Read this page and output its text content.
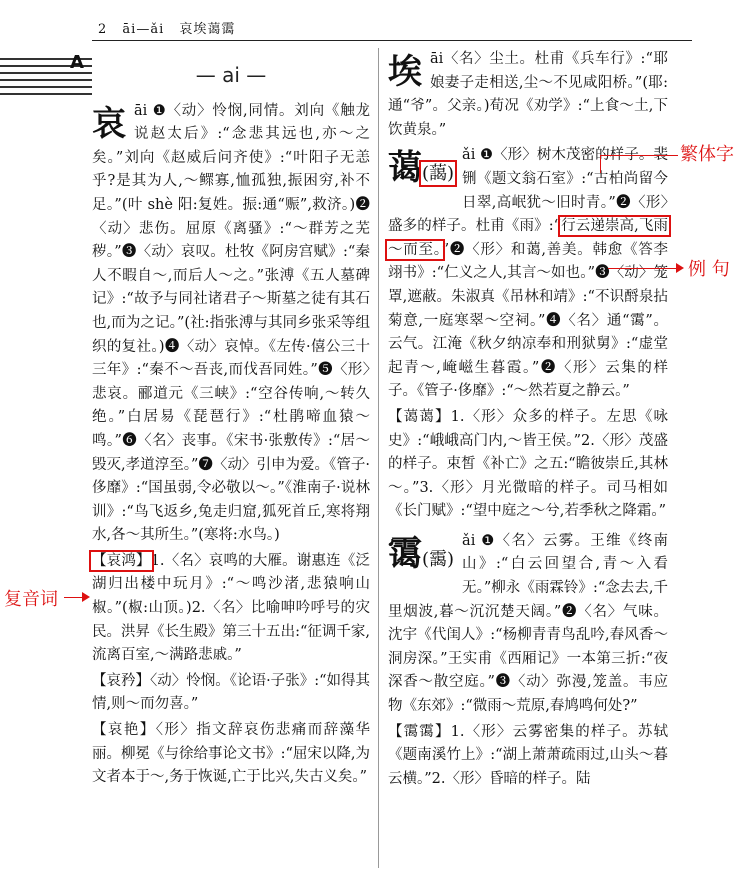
2 āi—ǎi 哀埃蔼霭
A
— ai —
哀 āi ❶〈动〉怜悯,同情。刘向《触龙说赵太后》:“念悲其远也,亦～之矣。”刘向《赵威后问齐使》:“叶阳子无恙乎?是其为人,～鳏寡,恤孤独,振困穷,补不足。”(叶 shè 阳:复姓。振:通“赈”,救济。)❷〈动〉悲伤。屈原《离骚》:“～群芳之芜秽。”❸〈动〉哀叹。杜牧《阿房宫赋》:“秦人不暇自～,而后人～之。”张溥《五人墓碑记》:“故予与同社诸君子～斯墓之徒有其石也,而为之记。”(社:指张溥与其同乡张采等组织的复社。)❹〈动〉哀悼。《左传·僖公三十三年》:“秦不～吾丧,而伐吾同姓。”❺〈形〉悲哀。郦道元《三峡》:“空谷传响,～转久绝。”白居易《琵琶行》:“杜鹃啼血猿～鸣。”❻〈名〉丧事。《宋书·张敷传》:“居～毁灭,孝道淳至。”❼〈动〉引申为爱。《管子·侈靡》:“国虽弱,令必敬以～。”《淮南子·说林训》:“鸟飞返乡,兔走归窟,狐死首丘,寒将翔水,各～其所生。”(寒将:水鸟。)
【哀鸿】1.〈名〉哀鸣的大雁。谢惠连《泛湖归出楼中玩月》:“～鸣沙渚,悲猿响山椒。”(椒:山顶。)2.〈名〉比喻呻吟呼号的灾民。洪昇《长生殿》第三十五出:“征调千家,流离百室,～满路悲戚。”
【哀矜】〈动〉怜悯。《论语·子张》:“如得其情,则～而勿喜。”
【哀艳】〈形〉指文辞哀伤悲痛而辞藻华丽。柳冕《与徐给事论文书》:“屈宋以降,为文者本于～,务于恢诞,亡于比兴,失古义矣。”
埃 āi〈名〉尘土。杜甫《兵车行》:“耶娘妻子走相送,尘～不见咸阳桥。”(耶:通“爷”。父亲。)荀况《劝学》:“上食～土,下饮黄泉。”
蔼(藹)
ǎi ❶〈形〉树木茂密的样子。裴铏《题文翁石室》:“古柏尚留今日翠,高岷犹～旧时青。”❷〈形〉盛多的样子。杜甫《雨》:“行云递崇高,飞雨～而至。”❷〈形〉和蔼,善美。韩愈《答李翊书》:“仁义之人,其言～如也。”❸〈动〉笼罩,遮蔽。朱淑真《吊林和靖》:“不识酹泉拈菊意,一庭寒翠～空祠。”❹〈名〉通“霭”。云气。江淹《秋夕纳凉奉和刑狱舅》:“虚堂起青～,崦嵫生暮霞。”❷〈形〉云集的样子。《管子·侈靡》:“～然若夏之静云。”
【蔼蔼】1.〈形〉众多的样子。左思《咏史》:“峨峨高门内,～皆王侯。”2.〈形〉茂盛的样子。束皙《补亡》之五:“瞻彼崇丘,其林～。”3.〈形〉月光微暗的样子。司马相如《长门赋》:“望中庭之～兮,若季秋之降霜。”
霭(靄)
ǎi ❶〈名〉云雾。王维《终南山》:“白云回望合,青～入看无。”柳永《雨霖铃》:“念去去,千里烟波,暮～沉沉楚天阔。”❷〈名〉气味。沈宇《代闺人》:“杨柳青青鸟乱吟,春风香～洞房深。”王实甫《西厢记》一本第三折:“夜深香～散空庭。”❸〈动〉弥漫,笼盖。韦应物《东郊》:“微雨～荒原,春鸠鸣何处?”
【霭霭】1.〈形〉云雾密集的样子。苏轼《题南溪竹上》:“湖上萧萧疏雨过,山头～暮云横。”2.〈形〉昏暗的样子。陆
繁体字
例 句
复音词
